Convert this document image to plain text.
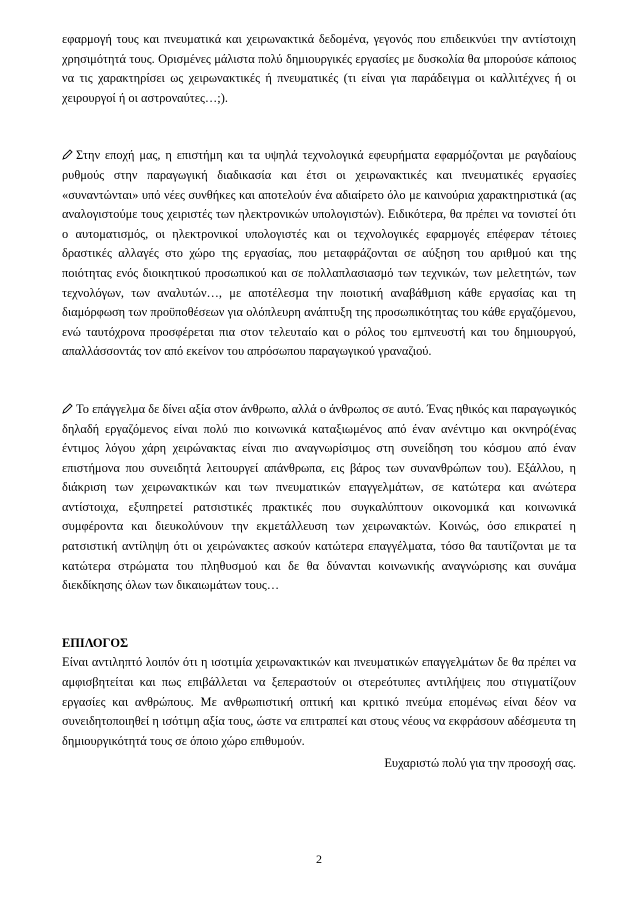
εφαρμογή τους και πνευματικά και χειρωνακτικά δεδομένα, γεγονός που επιδεικνύει την αντίστοιχη χρησιμότητά τους. Ορισμένες μάλιστα πολύ δημιουργικές εργασίες με δυσκολία θα μπορούσε κάποιος να τις χαρακτηρίσει ως χειρωνακτικές ή πνευματικές (τι είναι για παράδειγμα οι καλλιτέχνες ή οι χειρουργοί ή οι αστροναύτες…;).

Στην εποχή μας, η επιστήμη και τα υψηλά τεχνολογικά εφευρήματα εφαρμόζονται με ραγδαίους ρυθμούς στην παραγωγική διαδικασία και έτσι οι χειρωνακτικές και πνευματικές εργασίες «συναντώνται» υπό νέες συνθήκες και αποτελούν ένα αδιαίρετο όλο με καινούρια χαρακτηριστικά (ας αναλογιστούμε τους χειριστές των ηλεκτρονικών υπολογιστών). Ειδικότερα, θα πρέπει να τονιστεί ότι ο αυτοματισμός, οι ηλεκτρονικοί υπολογιστές και οι τεχνολογικές εφαρμογές επέφεραν τέτοιες δραστικές αλλαγές στο χώρο της εργασίας, που μεταφράζονται σε αύξηση του αριθμού και της ποιότητας ενός διοικητικού προσωπικού και σε πολλαπλασιασμό των τεχνικών, των μελετητών, των τεχνολόγων, των αναλυτών…, με αποτέλεσμα την ποιοτική αναβάθμιση κάθε εργασίας και τη διαμόρφωση των προϋποθέσεων για ολόπλευρη ανάπτυξη της προσωπικότητας του κάθε εργαζόμενου, ενώ ταυτόχρονα προσφέρεται πια στον τελευταίο και ο ρόλος του εμπνευστή και του δημιουργού, απαλλάσσοντάς τον από εκείνον του απρόσωπου παραγωγικού γραναζιού.

Το επάγγελμα δε δίνει αξία στον άνθρωπο, αλλά ο άνθρωπος σε αυτό. Ένας ηθικός και παραγωγικός δηλαδή εργαζόμενος είναι πολύ πιο κοινωνικά καταξιωμένος από έναν ανέντιμο και οκνηρό(ένας έντιμος λόγου χάρη χειρώνακτας είναι πιο αναγνωρίσιμος στη συνείδηση του κόσμου από έναν επιστήμονα που συνειδητά λειτουργεί απάνθρωπα, εις βάρος των συνανθρώπων του). Εξάλλου, η διάκριση των χειρωνακτικών και των πνευματικών επαγγελμάτων, σε κατώτερα και ανώτερα αντίστοιχα, εξυπηρετεί ρατσιστικές πρακτικές που συγκαλύπτουν οικονομικά και κοινωνικά συμφέροντα και διευκολύνουν την εκμετάλλευση των χειρωνακτών. Κοινώς, όσο επικρατεί η ρατσιστική αντίληψη ότι οι χειρώνακτες ασκούν κατώτερα επαγγέλματα, τόσο θα ταυτίζονται με τα κατώτερα στρώματα του πληθυσμού και δε θα δύνανται κοινωνικής αναγνώρισης και συνάμα διεκδίκησης όλων των δικαιωμάτων τους…

ΕΠΙΛΟΓΟΣ

Είναι αντιληπτό λοιπόν ότι η ισοτιμία χειρωνακτικών και πνευματικών επαγγελμάτων δε θα πρέπει να αμφισβητείται και πως επιβάλλεται να ξεπεραστούν οι στερεότυπες αντιλήψεις που στιγματίζουν εργασίες και ανθρώπους. Με ανθρωπιστική οπτική και κριτικό πνεύμα επομένως είναι δέον να συνειδητοποιηθεί η ισότιμη αξία τους, ώστε να επιτραπεί και στους νέους να εκφράσουν αδέσμευτα τη δημιουργικότητά τους σε όποιο χώρο επιθυμούν.

Ευχαριστώ πολύ για την προσοχή σας.

2
